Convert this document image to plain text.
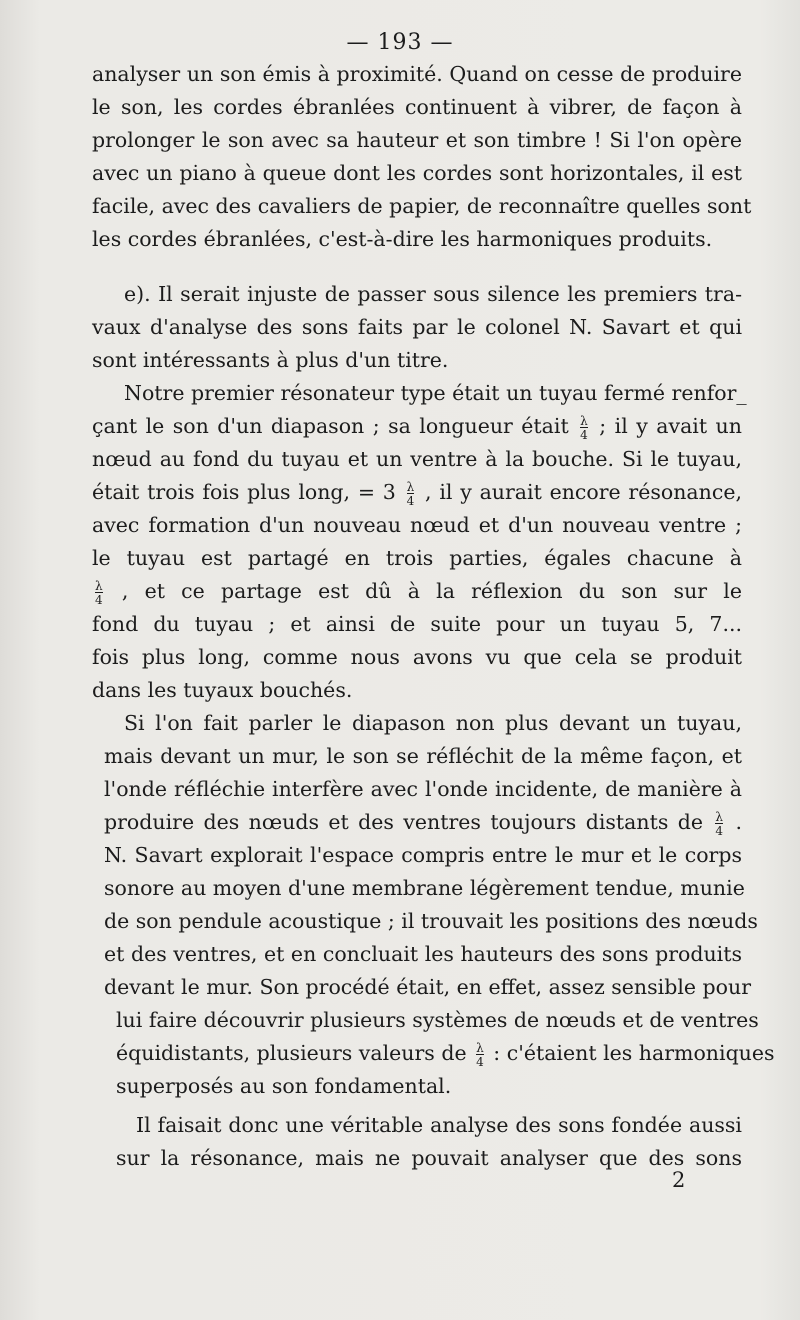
— 193 —
analyser un son émis à proximité. Quand on cesse de produire
le son, les cordes ébranlées continuent à vibrer, de façon à
prolonger le son avec sa hauteur et son timbre ! Si l'on opère
avec un piano à queue dont les cordes sont horizontales, il est
facile, avec des cavaliers de papier, de reconnaître quelles sont
les cordes ébranlées, c'est-à-dire les harmoniques produits.
e). Il serait injuste de passer sous silence les premiers tra-
vaux d'analyse des sons faits par le colonel N. Savart et qui
sont intéressants à plus d'un titre.
Notre premier résonateur type était un tuyau fermé renfor_
çant le son d'un diapason ; sa longueur était $\frac{\lambda}{4}$ ; il y avait un
nœud au fond du tuyau et un ventre à la bouche. Si le tuyau,
était trois fois plus long, = $3 \frac{\lambda}{4}$ , il y aurait encore résonance,
avec formation d'un nouveau nœud et d'un nouveau ventre ;
le tuyau est partagé en trois parties, égales chacune à
$\frac{\lambda}{4}$ , et ce partage est dû à la réflexion du son sur le
fond du tuyau ; et ainsi de suite pour un tuyau 5, 7...
fois plus long, comme nous avons vu que cela se produit
dans les tuyaux bouchés.
Si l'on fait parler le diapason non plus devant un tuyau,
mais devant un mur, le son se réfléchit de la même façon, et
l'onde réfléchie interfère avec l'onde incidente, de manière à
produire des nœuds et des ventres toujours distants de $\frac{\lambda}{4}$ .
N. Savart explorait l'espace compris entre le mur et le corps
sonore au moyen d'une membrane légèrement tendue, munie
de son pendule acoustique ; il trouvait les positions des nœuds
et des ventres, et en concluait les hauteurs des sons produits
devant le mur. Son procédé était, en effet, assez sensible pour
lui faire découvrir plusieurs systèmes de nœuds et de ventres
équidistants, plusieurs valeurs de $\frac{\lambda}{4}$ : c'étaient les harmoniques
superposés au son fondamental.
Il faisait donc une véritable analyse des sons fondée aussi
sur la résonance, mais ne pouvait analyser que des sons
2
